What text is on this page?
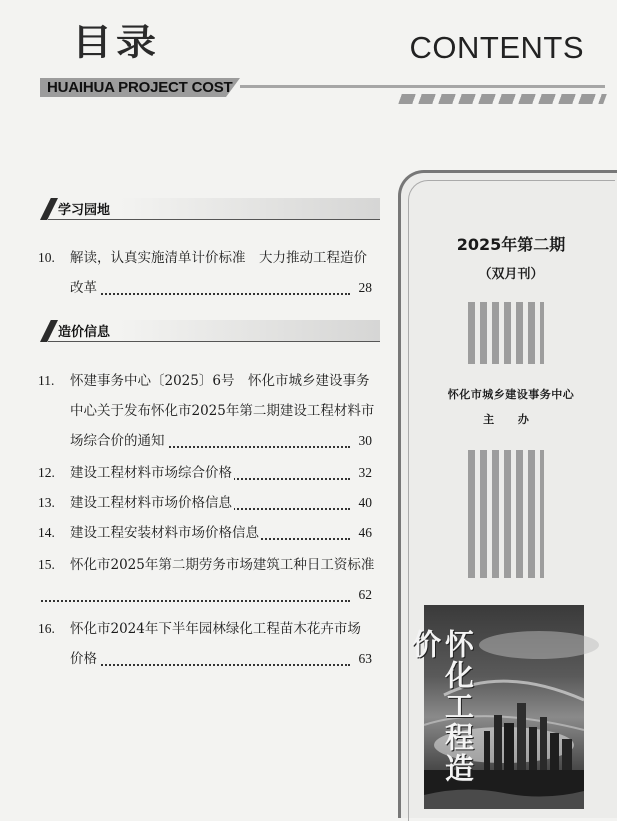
目录	CONTENTS
HUAIHUA PROJECT COST
学习园地
10. 解读，认真实施清单计价标准　大力推动工程造价
改革	28
造价信息
11. 怀建事务中心〔2025〕6号　怀化市城乡建设事务
中心关于发布怀化市2025年第二期建设工程材料市
场综合价的通知	30
12. 建设工程材料市场综合价格	32
13. 建设工程材料市场价格信息	40
14. 建设工程安装材料市场价格信息	46
15. 怀化市2025年第二期劳务市场建筑工种日工资标准
62
16. 怀化市2024年下半年园林绿化工程苗木花卉市场
价格	63
2025年第二期
（双月刊）
怀化市城乡建设事务中心
主 办
怀化工程造价
